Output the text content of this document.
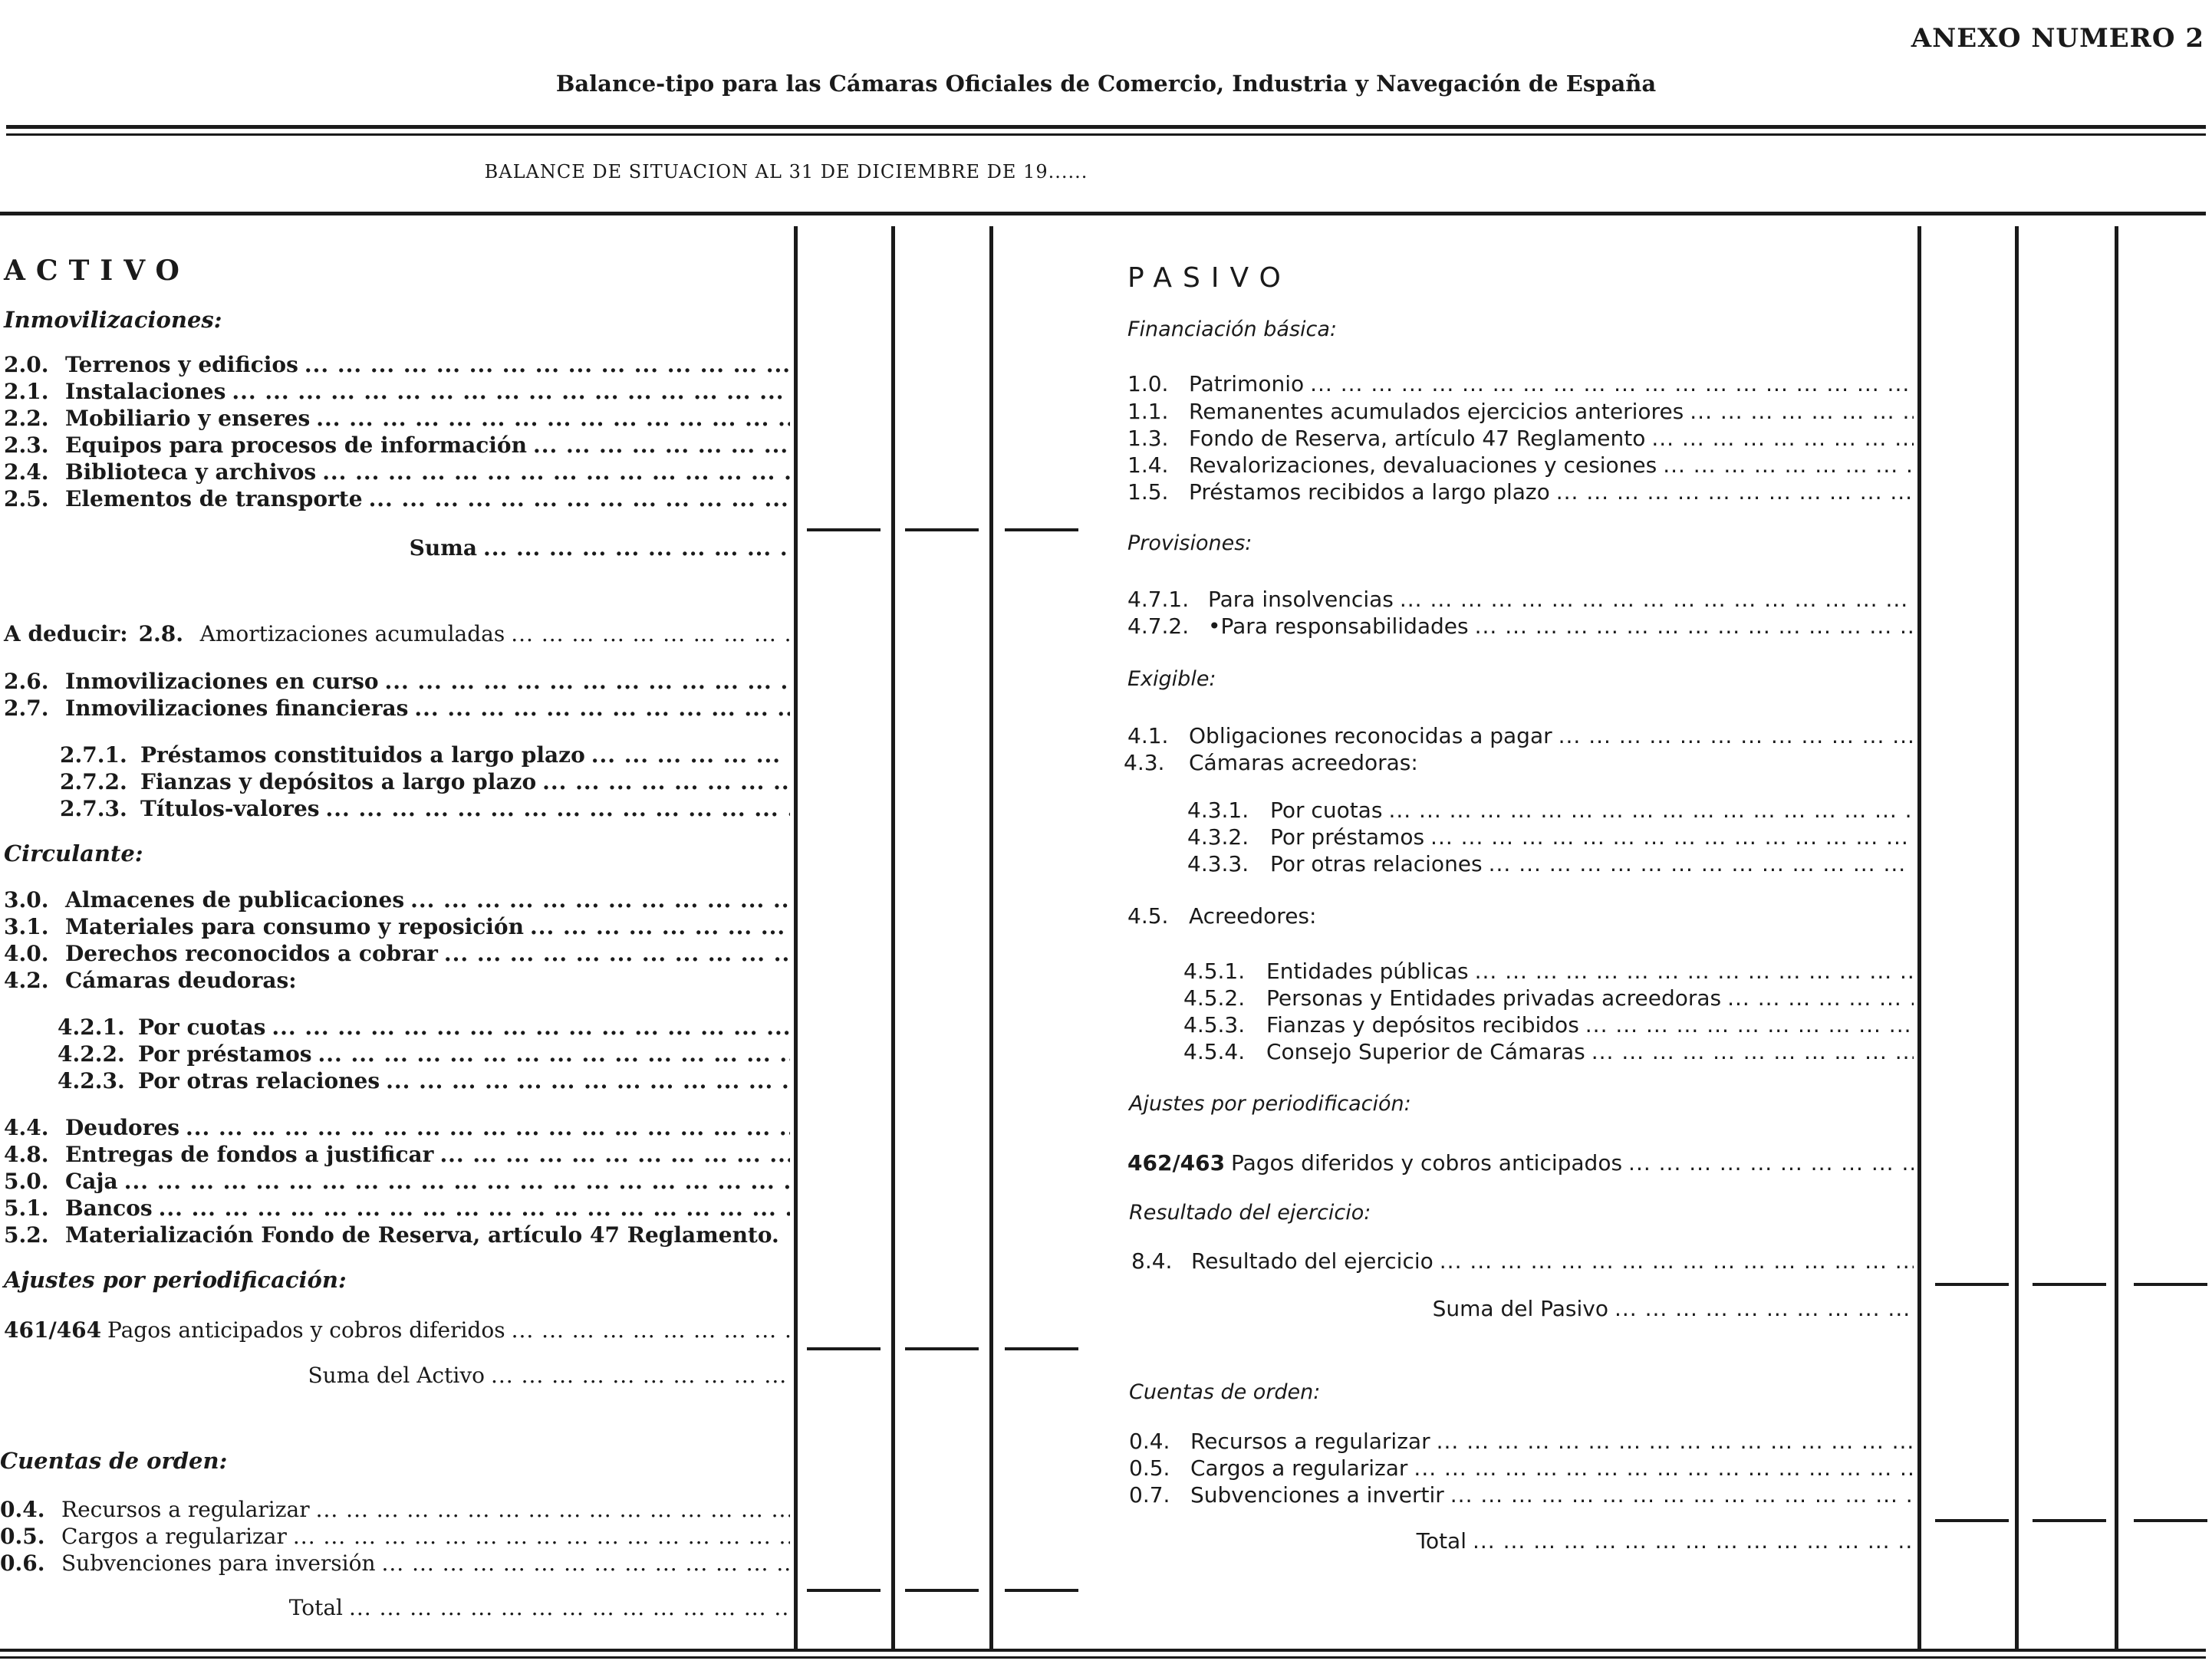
ANEXO NUMERO 2
Balance-tipo para las Cámaras Oficiales de Comercio, Industria y Navegación de España
BALANCE DE SITUACION AL 31 DE DICIEMBRE DE 19......
ACTIVO
Inmovilizaciones:
2.0. Terrenos y edificios
... .
2.1. Instalaciones
... .
2.2. Mobiliario y enseres
... .
2.3. Equipos para procesos de información
... .
2.4. Biblioteca y archivos
... .
2.5. Elementos de transporte
... .
Suma
... .
A deducir: 2.8. Amortizaciones acumuladas
... .
2.6. Inmovilizaciones en curso
... .
2.7. Inmovilizaciones financieras
... .
2.7.1. Préstamos constituidos a largo plazo
... .
2.7.2. Fianzas y depósitos a largo plazo
... .
2.7.3. Títulos-valores
... .
Circulante:
3.0. Almacenes de publicaciones
... .
3.1. Materiales para consumo y reposición
... .
4.0. Derechos reconocidos a cobrar
... .
4.2. Cámaras deudoras:
4.2.1. Por cuotas
... .
4.2.2. Por préstamos
... .
4.2.3. Por otras relaciones
... .
4.4. Deudores
... .
4.8. Entregas de fondos a justificar
... .
5.0. Caja
... .
5.1. Bancos
... .
5.2. Materialización Fondo de Reserva, artículo 47 Reglamento.
Ajustes por periodificación:
461/464 Pagos anticipados y cobros diferidos
... .
Suma del Activo
... .
Cuentas de orden:
0.4. Recursos a regularizar
... .
0.5. Cargos a regularizar
... .
0.6. Subvenciones para inversión
... .
Total
... .
PASIVO
Financiación básica:
1.0. Patrimonio
... .
1.1. Remanentes acumulados ejercicios anteriores
... .
1.3. Fondo de Reserva, artículo 47 Reglamento
... .
1.4. Revalorizaciones, devaluaciones y cesiones
... .
1.5. Préstamos recibidos a largo plazo
... .
Provisiones:
4.7.1. Para insolvencias
... .
4.7.2. •Para responsabilidades
... .
Exigible:
4.1. Obligaciones reconocidas a pagar
... .
4.3.	Cámaras acreedoras:
4.3.1. Por cuotas
... .
4.3.2. Por préstamos
... .
4.3.3. Por otras relaciones
... .
4.5. Acreedores:
4.5.1. Entidades públicas
... .
4.5.2. Personas y Entidades privadas acreedoras
... .
4.5.3. Fianzas y depósitos recibidos
... .
4.5.4. Consejo Superior de Cámaras
... .
Ajustes por periodificación:
462/463 Pagos diferidos y cobros anticipados
... .
Resultado del ejercicio:
8.4. Resultado del ejercicio
... .
Suma del Pasivo
... .
Cuentas de orden:
0.4. Recursos a regularizar
... .
0.5. Cargos a regularizar
... .
0.7. Subvenciones a invertir
... .
Total
... .
